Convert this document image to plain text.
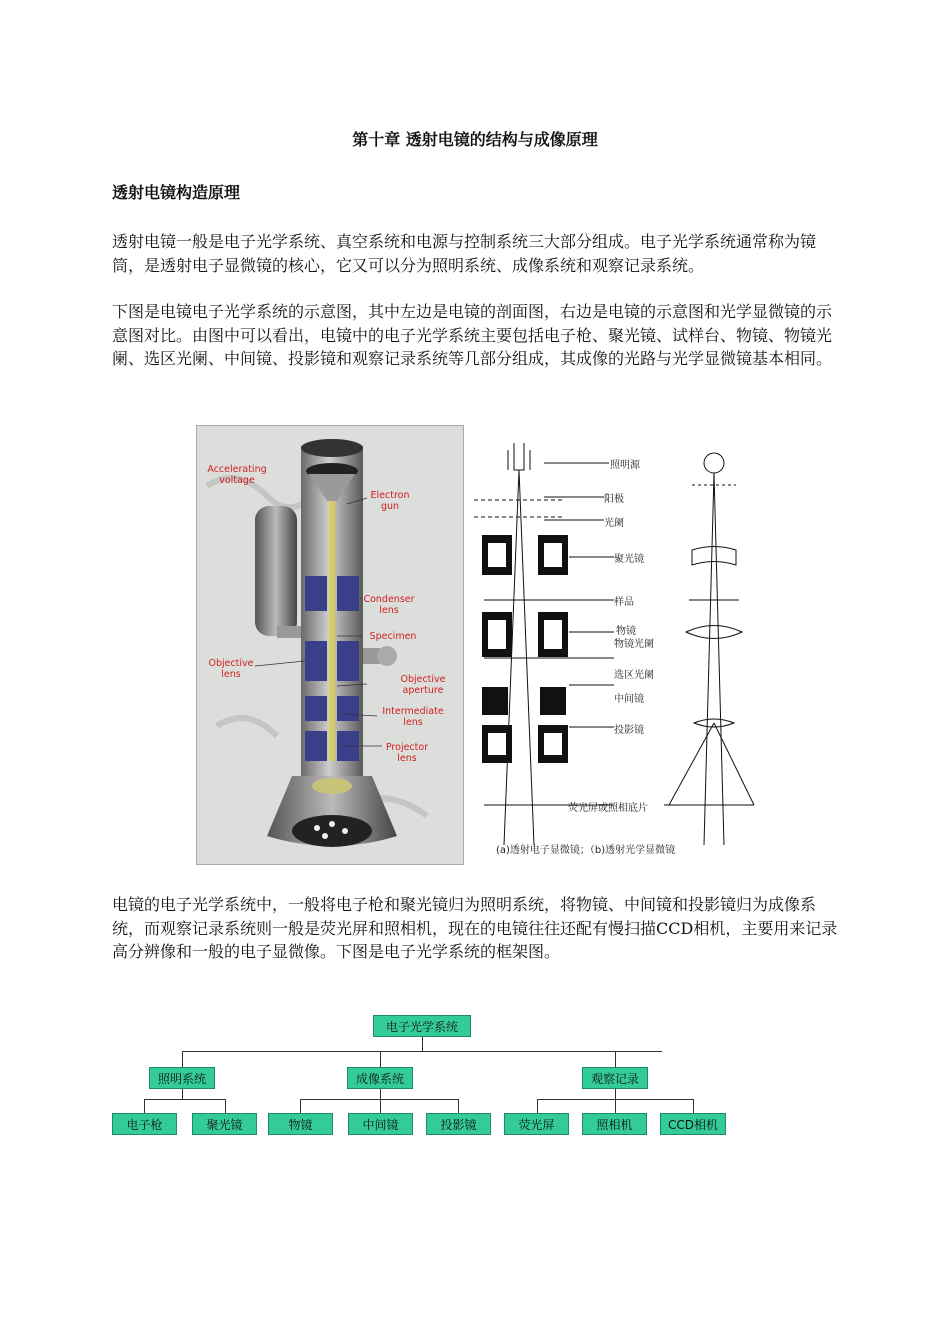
第十章 透射电镜的结构与成像原理
透射电镜构造原理

透射电镜一般是电子光学系统、真空系统和电源与控制系统三大部分组成。电子光学系统通常称为镜筒，是透射电子显微镜的核心，它又可以分为照明系统、成像系统和观察记录系统。

下图是电镜电子光学系统的示意图，其中左边是电镜的剖面图，右边是电镜的示意图和光学显微镜的示意图对比。由图中可以看出，电镜中的电子光学系统主要包括电子枪、聚光镜、试样台、物镜、物镜光阑、选区光阑、中间镜、投影镜和观察记录系统等几部分组成，其成像的光路与光学显微镜基本相同。

Accelerating voltage
Electron gun
Condenser lens
Specimen
Objective lens	Objective aperture
Intermediate lens
Projector lens
照明源
阳极
光阑
聚光镜
样品
物镜
物镜光阑
选区光阑
中间镜
投影镜
荧光屏或照相底片
(a)透射电子显微镜；（b)透射光学显微镜

电镜的电子光学系统中，一般将电子枪和聚光镜归为照明系统，将物镜、中间镜和投影镜归为成像系统，而观察记录系统则一般是荧光屏和照相机，现在的电镜往往还配有慢扫描CCD相机，主要用来记录高分辨像和一般的电子显微像。下图是电子光学系统的框架图。

电子光学系统
照明系统	成像系统	观察记录
电子枪	聚光镜	物镜	中间镜	投影镜	荧光屏	照相机	CCD相机
